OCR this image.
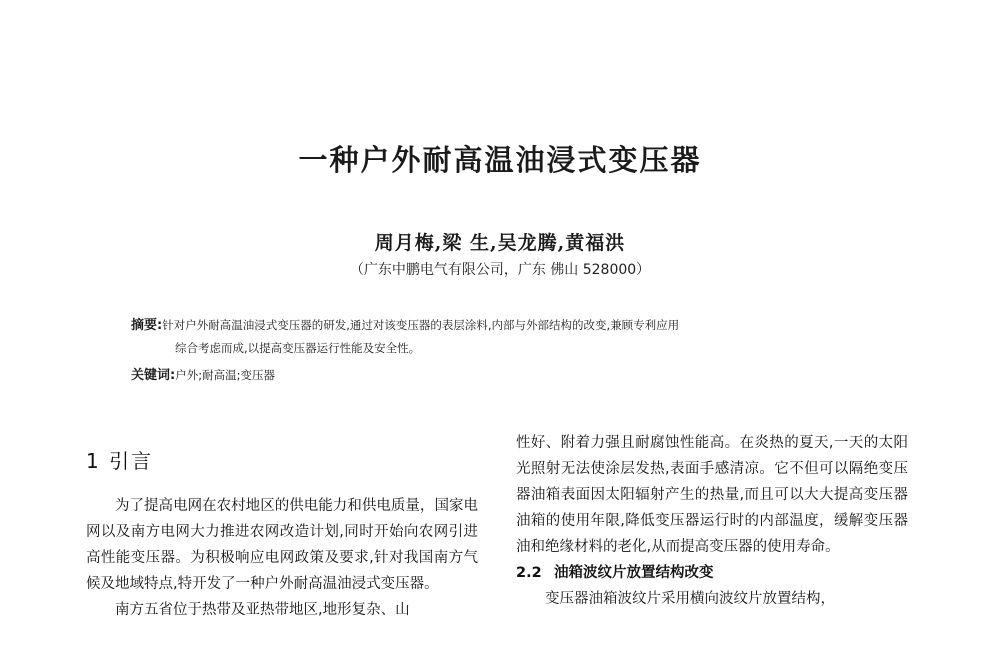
一种户外耐高温油浸式变压器
周月梅,梁 生,吴龙腾,黄福洪
（广东中鹏电气有限公司，广东 佛山 528000）
摘要:针对户外耐高温油浸式变压器的研发,通过对该变压器的表层涂料,内部与外部结构的改变,兼顾专利应用
综合考虑而成,以提高变压器运行性能及安全性。
关键词:户外;耐高温;变压器
1 引言

为了提高电网在农村地区的供电能力和供电质量，国家电网以及南方电网大力推进农网改造计划,同时开始向农网引进高性能变压器。为积极响应电网政策及要求,针对我国南方气候及地域特点,特开发了一种户外耐高温油浸式变压器。

南方五省位于热带及亚热带地区,地形复杂、山

性好、附着力强且耐腐蚀性能高。在炎热的夏天,一天的太阳光照射无法使涂层发热,表面手感清凉。它不但可以隔绝变压器油箱表面因太阳辐射产生的热量,而且可以大大提高变压器油箱的使用年限,降低变压器运行时的内部温度，缓解变压器油和绝缘材料的老化,从而提高变压器的使用寿命。

2.2 油箱波纹片放置结构改变

变压器油箱波纹片采用横向波纹片放置结构，
